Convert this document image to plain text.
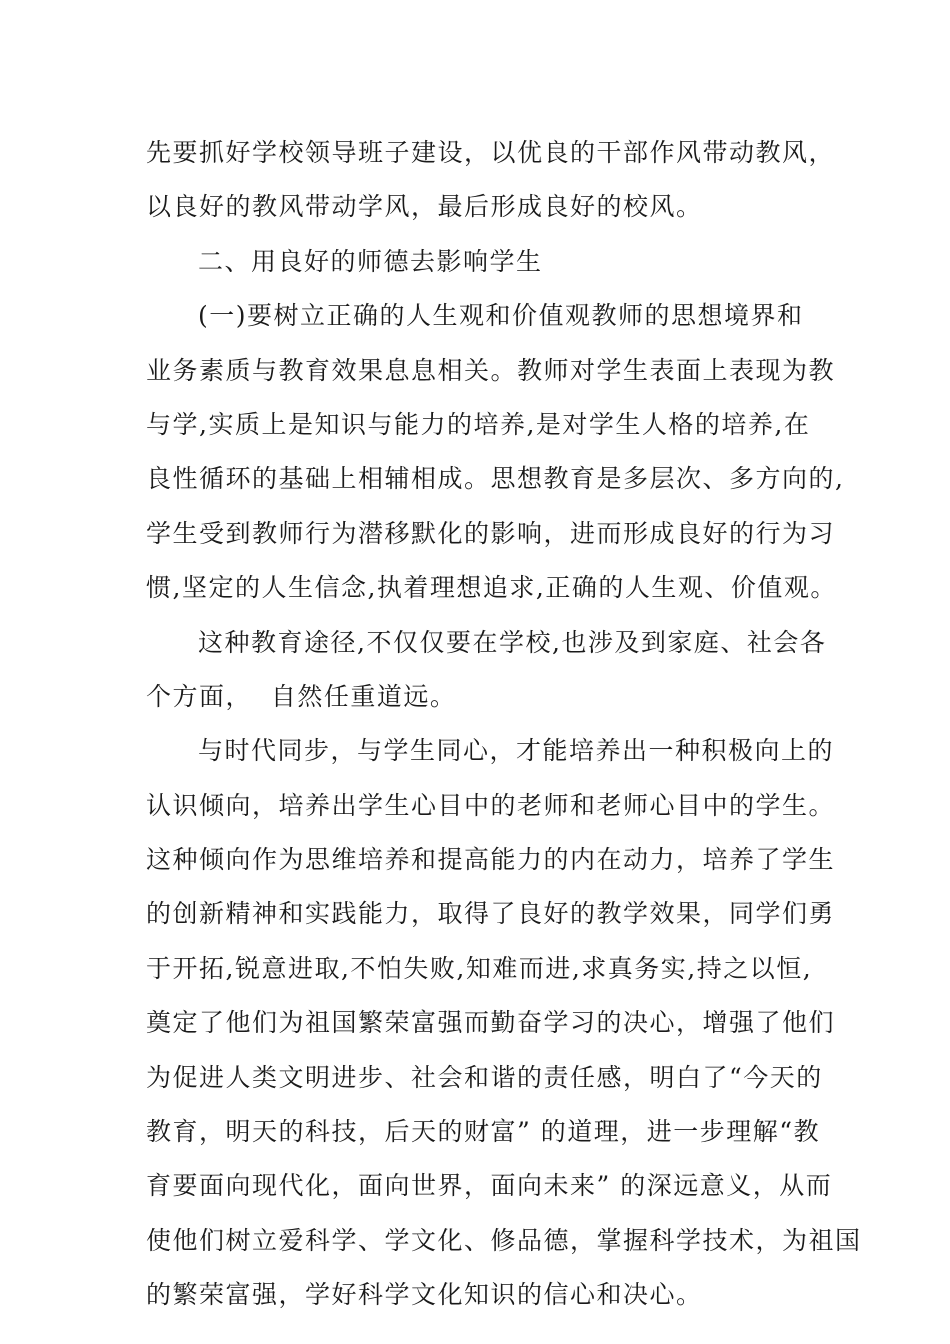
先要抓好学校领导班子建设，以优良的干部作风带动教风，
以良好的教风带动学风，最后形成良好的校风。
二、用良好的师德去影响学生
(一)要树立正确的人生观和价值观教师的思想境界和
业务素质与教育效果息息相关。教师对学生表面上表现为教
与学,实质上是知识与能力的培养,是对学生人格的培养,在
良性循环的基础上相辅相成。思想教育是多层次、多方向的,
学生受到教师行为潜移默化的影响，进而形成良好的行为习
惯,坚定的人生信念,执着理想追求,正确的人生观、价值观。
这种教育途径,不仅仅要在学校,也涉及到家庭、社会各
个方面，  自然任重道远。
与时代同步，与学生同心，才能培养出一种积极向上的
认识倾向，培养出学生心目中的老师和老师心目中的学生。
这种倾向作为思维培养和提高能力的内在动力，培养了学生
的创新精神和实践能力，取得了良好的教学效果，同学们勇
于开拓,锐意进取,不怕失败,知难而进,求真务实,持之以恒,
奠定了他们为祖国繁荣富强而勤奋学习的决心，增强了他们
为促进人类文明进步、社会和谐的责任感，明白了“今天的
教育，明天的科技，后天的财富” 的道理，进一步理解“教
育要面向现代化，面向世界，面向未来” 的深远意义，从而
使他们树立爱科学、学文化、修品德，掌握科学技术，为祖国
的繁荣富强，学好科学文化知识的信心和决心。
